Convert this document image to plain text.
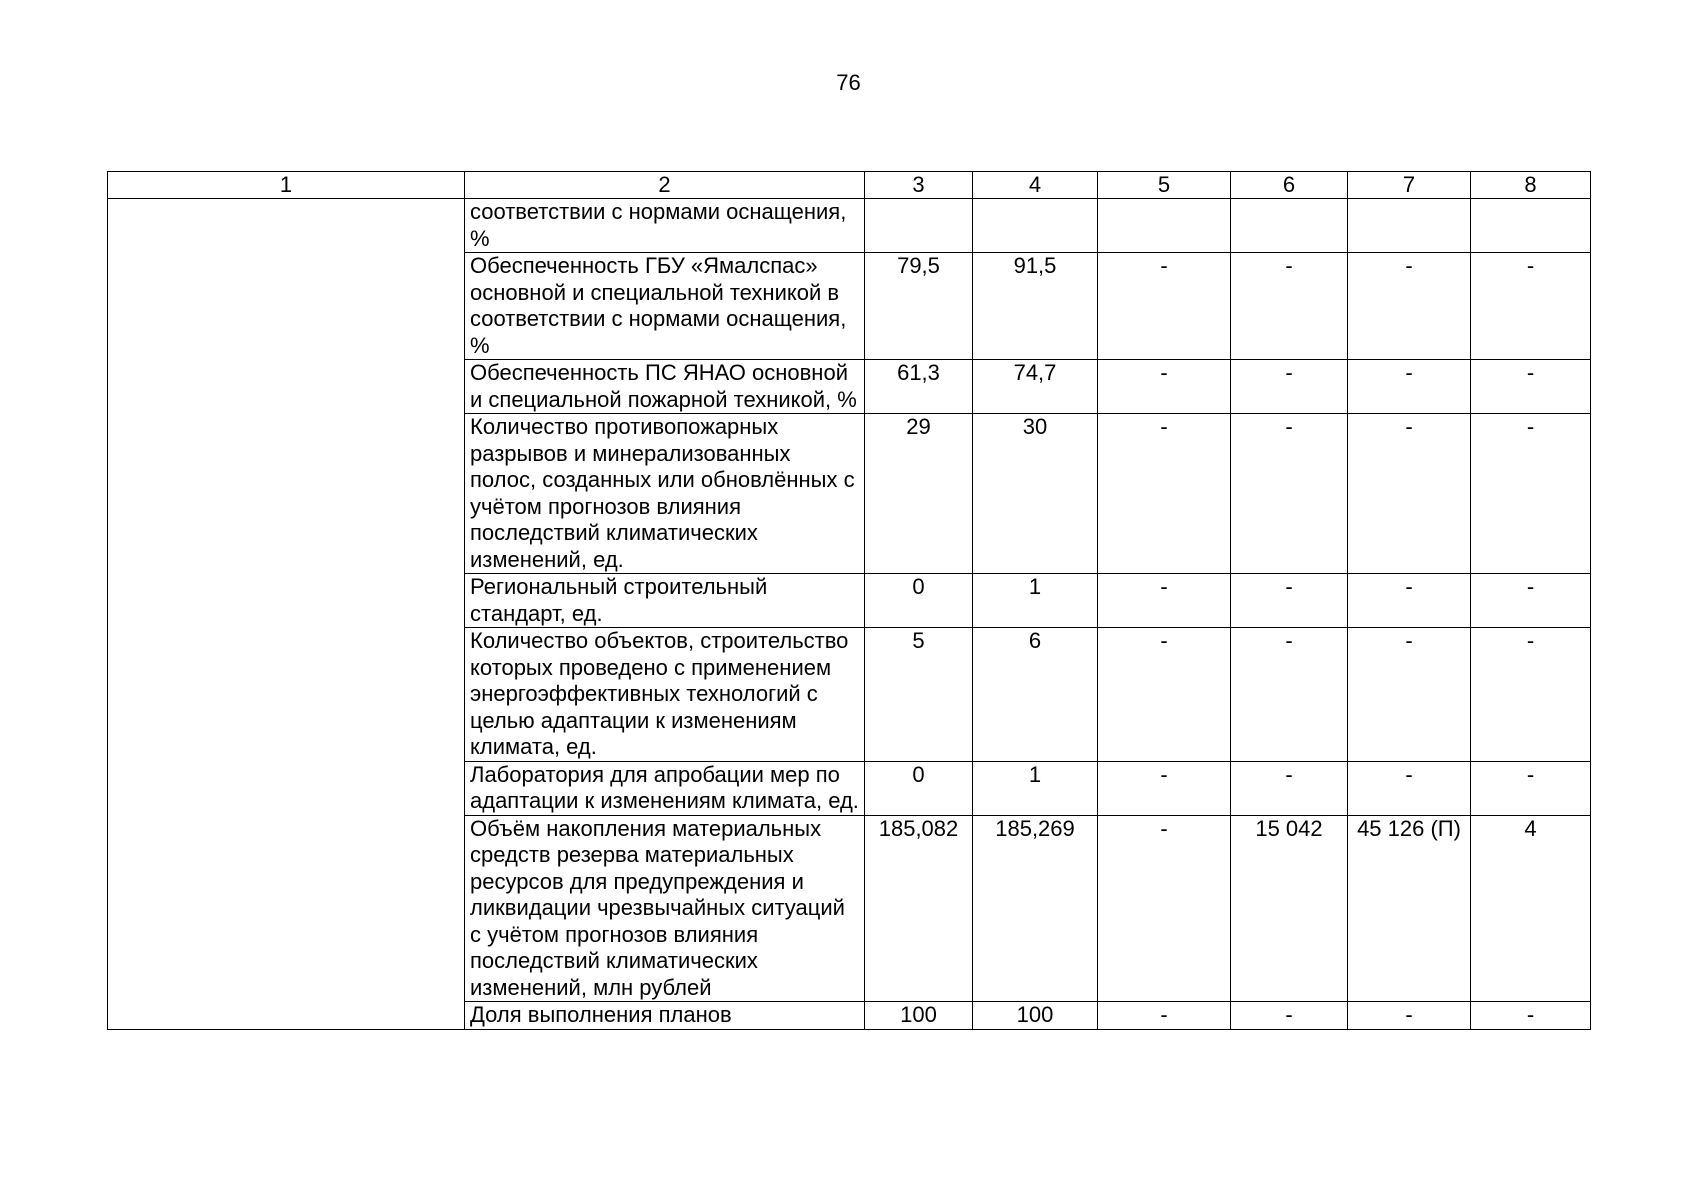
76
1	2	3	4	5	6	7	8
	соответствии с нормами оснащения, %						
	Обеспеченность ГБУ «Ямалспас» основной и специальной техникой в соответствии с нормами оснащения, %	79,5	91,5	-	-	-	-
	Обеспеченность ПС ЯНАО основной и специальной пожарной техникой, %	61,3	74,7	-	-	-	-
	Количество противопожарных разрывов и минерализованных полос, созданных или обновлённых с учётом прогнозов влияния последствий климатических изменений, ед.	29	30	-	-	-	-
	Региональный строительный стандарт, ед.	0	1	-	-	-	-
	Количество объектов, строительство которых проведено с применением энергоэффективных технологий с целью адаптации к изменениям климата, ед.	5	6	-	-	-	-
	Лаборатория для апробации мер по адаптации к изменениям климата, ед.	0	1	-	-	-	-
	Объём накопления материальных средств резерва материальных ресурсов для предупреждения и ликвидации чрезвычайных ситуаций с учётом прогнозов влияния последствий климатических изменений, млн рублей	185,082	185,269	-	15 042	45 126 (П)	4
	Доля выполнения планов	100	100	-	-	-	-
